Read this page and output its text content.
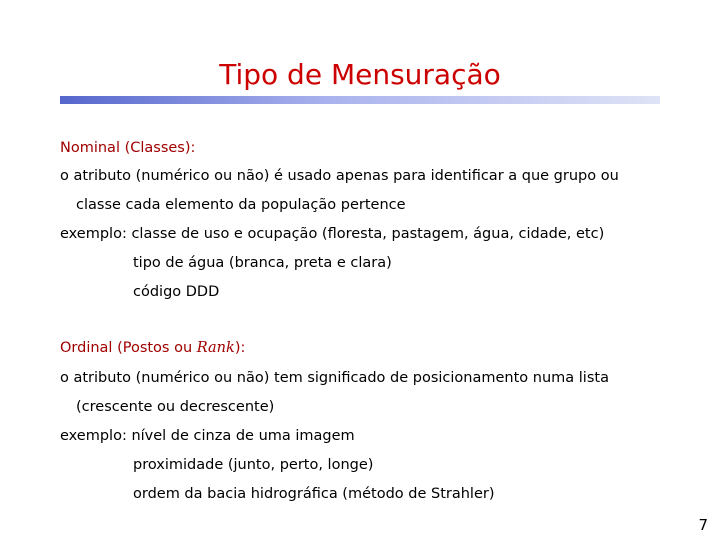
Tipo de Mensuração
Nominal (Classes):
o atributo (numérico ou não) é usado apenas para identificar a que grupo ou
classe cada elemento da população pertence
exemplo: classe de uso e ocupação (floresta, pastagem, água, cidade, etc)
tipo de água (branca, preta e clara)
código DDD
Ordinal (Postos ou Rank):
o atributo (numérico ou não) tem significado de posicionamento numa lista
(crescente ou decrescente)
exemplo: nível de cinza de uma imagem
proximidade (junto, perto, longe)
ordem da bacia hidrográfica (método de Strahler)
7
